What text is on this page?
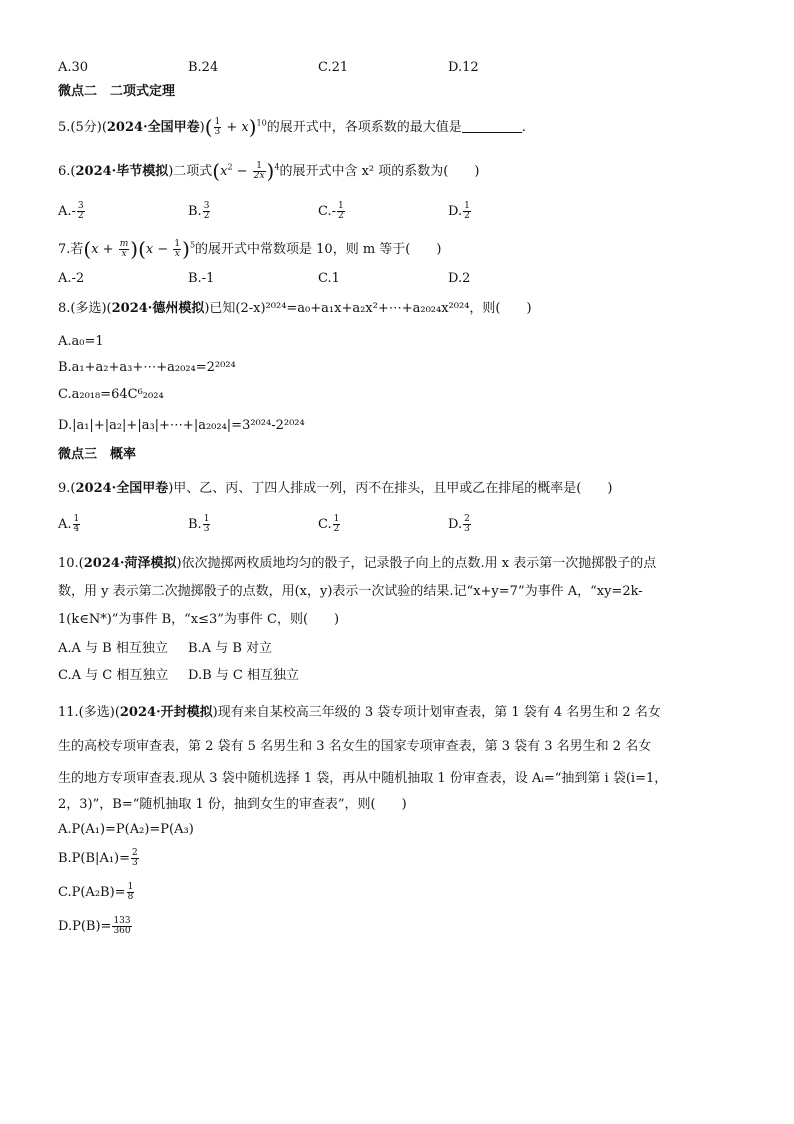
A.30	B.24	C.21	D.12
微点二　二项式定理
5.(5分)(2024·全国甲卷)( $\frac{1}{3} + x)^{10}$的展开式中，各项系数的最大值是	.
6.(2024·毕节模拟)二项式$(x^2 - \frac{1}{2x} )^4$的展开式中含 x² 项的系数为(　　)
$A.- \frac{3}{2}$	B. $\frac{3}{2}$	$C.- \frac{1}{2}$	D. $\frac{1}{2}$
7.若$(x + \frac{m}{x} )(x - \frac{1}{x} )^5$的展开式中常数项是 10，则 m 等于(　　)
A.-2	B.-1	C.1	D.2
8.(多选)(2024·德州模拟)已知(2-x)²⁰²⁴=a₀+a₁x+a₂x²+⋯+a₂₀₂₄x²⁰²⁴，则(　　)
A.a₀=1
B.a₁+a₂+a₃+⋯+a₂₀₂₄=2²⁰²⁴
C.a₂₀₁₈=64C⁶₂₀₂₄
D.|a₁|+|a₂|+|a₃|+⋯+|a₂₀₂₄|=3²⁰²⁴-2²⁰²⁴
微点三　概率
9.(2024·全国甲卷)甲、乙、丙、丁四人排成一列，丙不在排头，且甲或乙在排尾的概率是(　　)
A. $\frac{1}{4}$	B. $\frac{1}{3}$	C. $\frac{1}{2}$	D. $\frac{2}{3}$
10.(2024·菏泽模拟)依次抛掷两枚质地均匀的骰子，记录骰子向上的点数.用 x 表示第一次抛掷骰子的点
数，用 y 表示第二次抛掷骰子的点数，用(x，y)表示一次试验的结果.记“x+y=7”为事件 A，“xy=2k-
1(k∈N*)”为事件 B，“x≤3”为事件 C，则(　　)
A.A 与 B 相互独立 B.A 与 B 对立
C.A 与 C 相互独立 D.B 与 C 相互独立
11.(多选)(2024·开封模拟)现有来自某校高三年级的 3 袋专项计划审查表，第 1 袋有 4 名男生和 2 名女
生的高校专项审查表，第 2 袋有 5 名男生和 3 名女生的国家专项审查表，第 3 袋有 3 名男生和 2 名女
生的地方专项审查表.现从 3 袋中随机选择 1 袋，再从中随机抽取 1 份审查表，设 Aᵢ=“抽到第 i 袋(i=1，
2，3)”，B=“随机抽取 1 份，抽到女生的审查表”，则(　　)
A.P(A₁)=P(A₂)=P(A₃)
$B.P(B|A_1)= \frac{2}{3}$
$C.P(A_2B)= \frac{1}{8}$
$D.P(B)= \frac{133}{360}$
